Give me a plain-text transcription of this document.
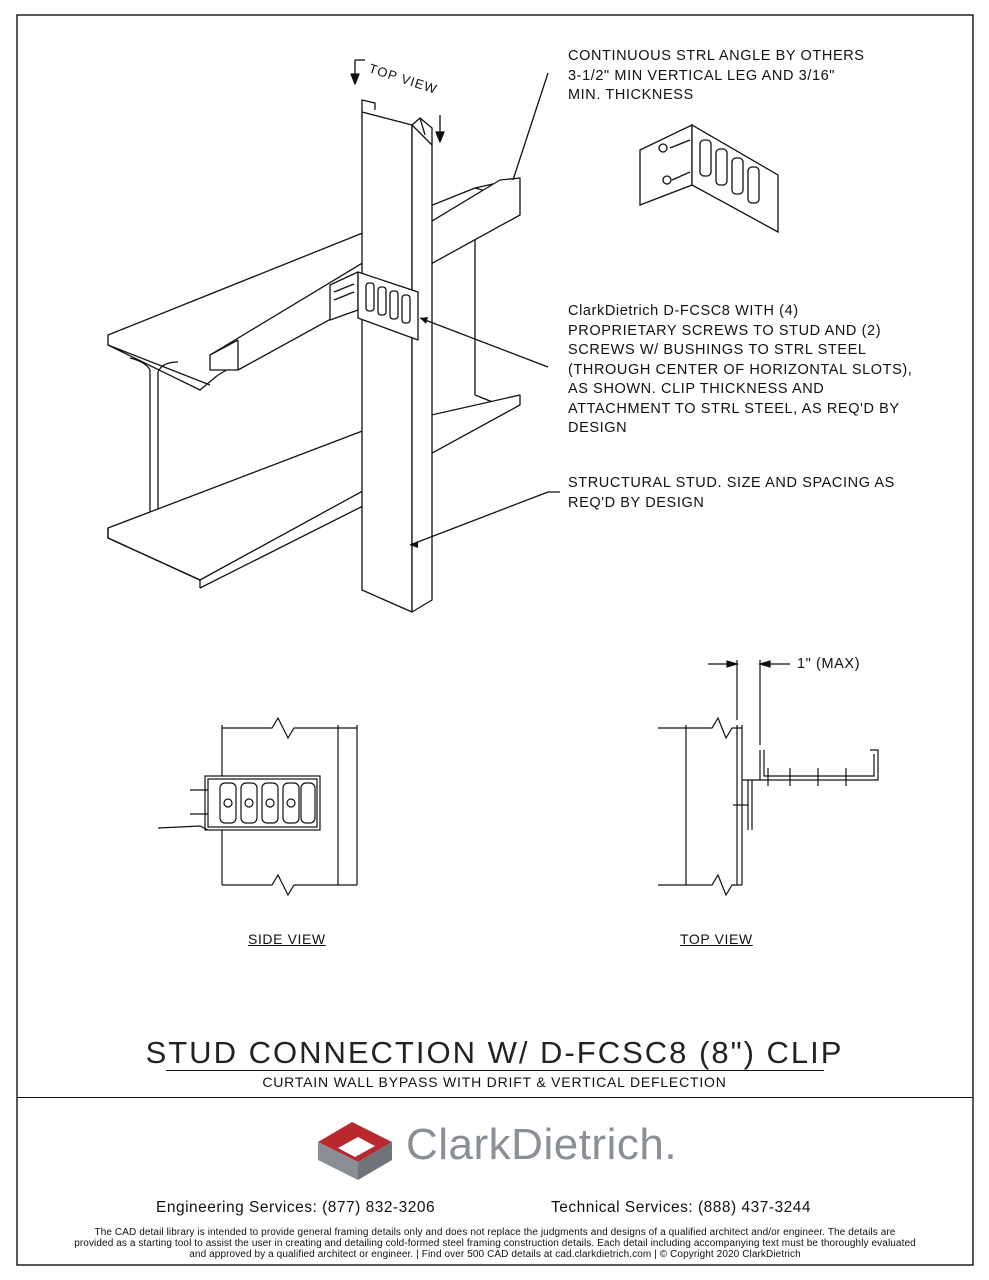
TOP VIEW
CONTINUOUS STRL ANGLE BY OTHERS
3-1/2" MIN VERTICAL LEG AND 3/16"
MIN. THICKNESS
ClarkDietrich D-FCSC8 WITH (4)
PROPRIETARY SCREWS TO STUD AND (2)
SCREWS W/ BUSHINGS TO STRL STEEL
(THROUGH CENTER OF HORIZONTAL SLOTS),
AS SHOWN. CLIP THICKNESS AND
ATTACHMENT TO STRL STEEL, AS REQ'D BY
DESIGN
STRUCTURAL STUD. SIZE AND SPACING AS
REQ'D BY DESIGN
1" (MAX)
SIDE VIEW	TOP VIEW
STUD CONNECTION W/ D-FCSC8 (8") CLIP
CURTAIN WALL BYPASS WITH DRIFT & VERTICAL DEFLECTION
ClarkDietrich.
Engineering Services: (877) 832-3206	Technical Services: (888) 437-3244
The CAD detail library is intended to provide general framing details only and does not replace the judgments and designs of a qualified architect and/or engineer. The details are
provided as a starting tool to assist the user in creating and detailing cold-formed steel framing construction details. Each detail including accompanying text must be thoroughly evaluated
and approved by a qualified architect or engineer. | Find over 500 CAD details at cad.clarkdietrich.com | © Copyright 2020 ClarkDietrich
